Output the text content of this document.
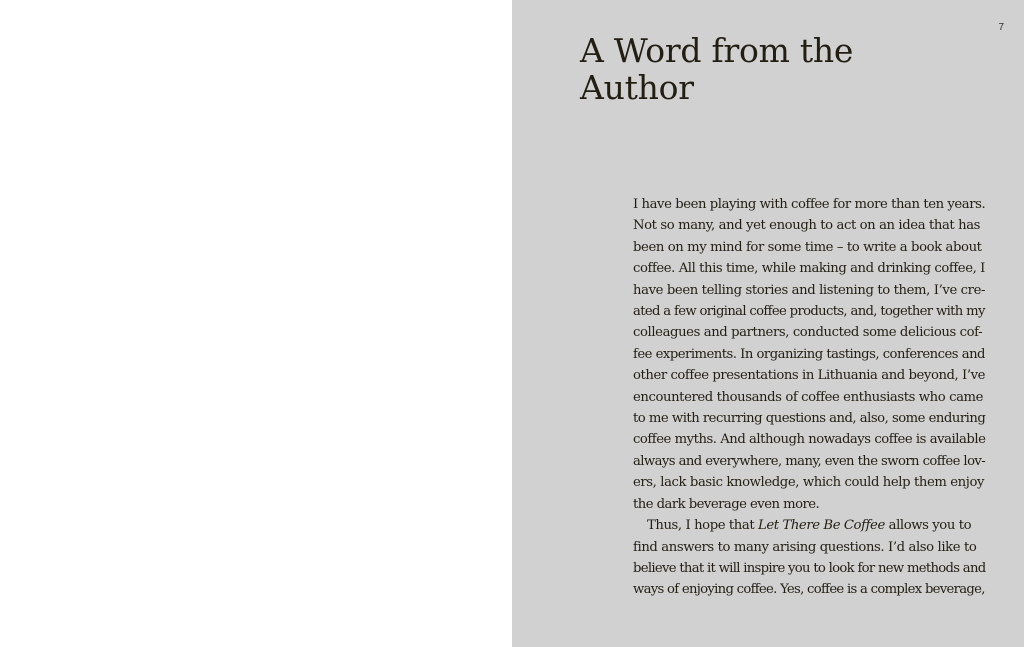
7
A Word from the
Author
I have been playing with coffee for more than ten years.
Not so many, and yet enough to act on an idea that has
been on my mind for some time – to write a book about
coffee. All this time, while making and drinking coffee, I
have been telling stories and listening to them, I’ve cre-
ated a few original coffee products, and, together with my
colleagues and partners, conducted some delicious cof-
fee experiments. In organizing tastings, conferences and
other coffee presentations in Lithuania and beyond, I’ve
encountered thousands of coffee enthusiasts who came
to me with recurring questions and, also, some enduring
coffee myths. And although nowadays coffee is available
always and everywhere, many, even the sworn coffee lov-
ers, lack basic knowledge, which could help them enjoy
the dark beverage even more.
Thus, I hope that Let There Be Coffee allows you to
find answers to many arising questions. I’d also like to
believe that it will inspire you to look for new methods and
ways of enjoying coffee. Yes, coffee is a complex beverage,
